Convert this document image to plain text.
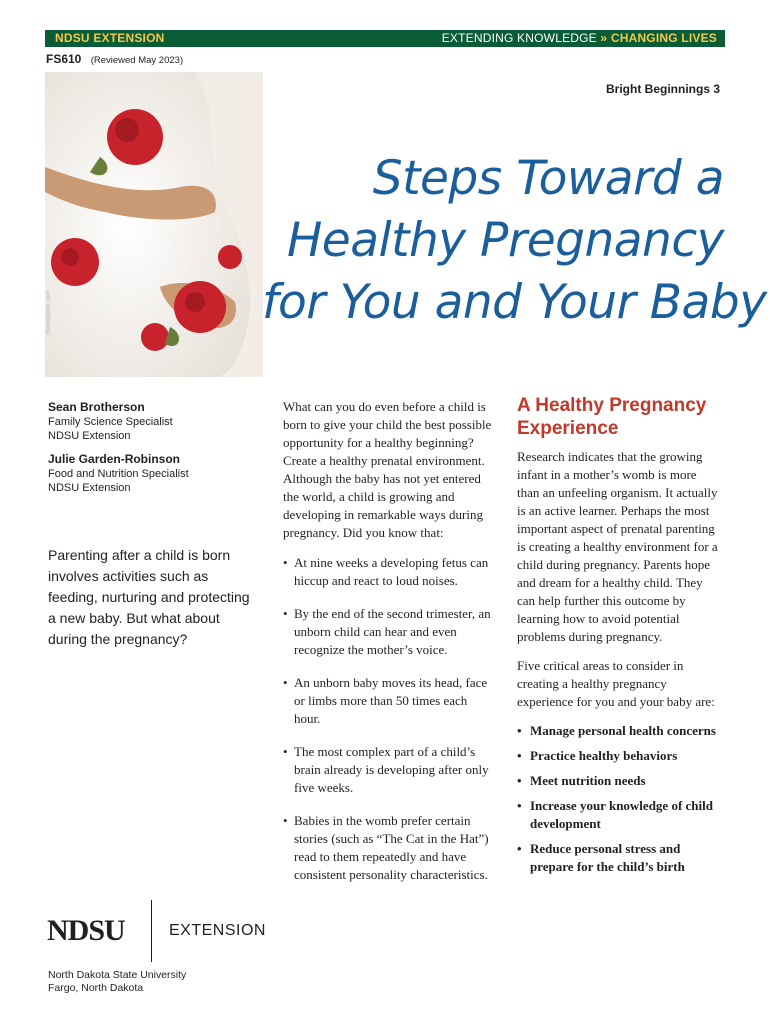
NDSU EXTENSION	EXTENDING KNOWLEDGE » CHANGING LIVES
FS610 (Reviewed May 2023)
iStockphoto.com
Bright Beginnings 3
Steps Toward a
Healthy Pregnancy
for You and Your Baby
Sean Brotherson
Family Science Specialist
NDSU Extension
Julie Garden-Robinson
Food and Nutrition Specialist
NDSU Extension
Parenting after a child is born involves activities such as feeding, nurturing and protecting a new baby. But what about during the pregnancy?

What can you do even before a child is born to give your child the best possible opportunity for a healthy beginning? Create a healthy prenatal environment. Although the baby has not yet entered the world, a child is growing and developing in remarkable ways during pregnancy. Did you know that:

• At nine weeks a developing fetus can hiccup and react to loud noises.
• By the end of the second trimester, an unborn child can hear and even recognize the mother’s voice.
• An unborn baby moves its head, face or limbs more than 50 times each hour.
• The most complex part of a child’s brain already is developing after only five weeks.
• Babies in the womb prefer certain stories (such as “The Cat in the Hat”) read to them repeatedly and have consistent personality characteristics.
A Healthy Pregnancy Experience

Research indicates that the growing infant in a mother’s womb is more than an unfeeling organism. It actually is an active learner. Perhaps the most important aspect of prenatal parenting is creating a healthy environment for a child during pregnancy. Parents hope and dream for a healthy child. They can help further this outcome by learning how to avoid potential problems during pregnancy.

Five critical areas to consider in creating a healthy pregnancy experience for you and your baby are:

• Manage personal health concerns
• Practice healthy behaviors
• Meet nutrition needs
• Increase your knowledge of child development
• Reduce personal stress and prepare for the child’s birth
NDSU	EXTENSION
North Dakota State University
Fargo, North Dakota
